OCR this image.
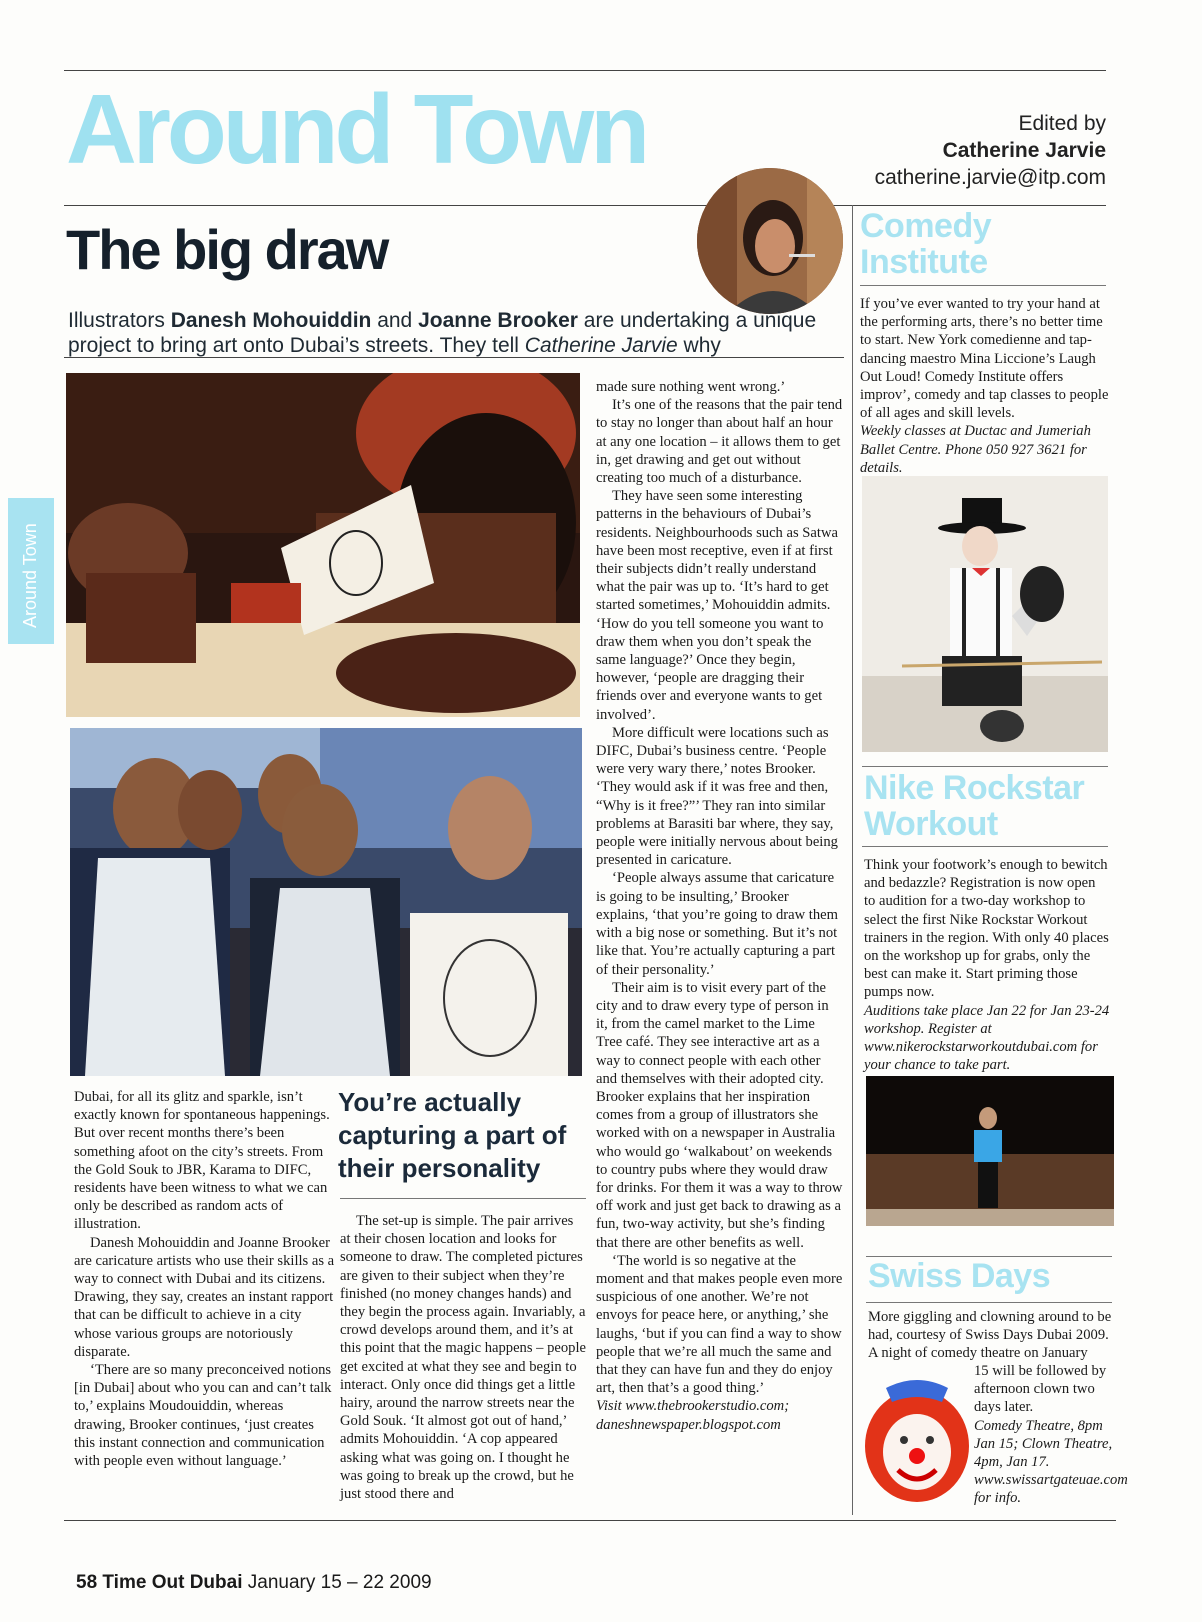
Around Town
Around Town	Edited by
Catherine Jarvie
catherine.jarvie@itp.com
The big draw
Illustrators Danesh Mohouiddin and Joanne Brooker are undertaking a unique project to bring art onto Dubai’s streets. They tell Catherine Jarvie why

Dubai, for all its glitz and sparkle, isn’t exactly known for spontaneous happenings. But over recent months there’s been something afoot on the city’s streets. From the Gold Souk to JBR, Karama to DIFC, residents have been witness to what we can only be described as random acts of illustration.

Danesh Mohouiddin and Joanne Brooker are caricature artists who use their skills as a way to connect with Dubai and its citizens. Drawing, they say, creates an instant rapport that can be difficult to achieve in a city whose various groups are notoriously disparate.

‘There are so many preconceived notions [in Dubai] about who you can and can’t talk to,’ explains Moudouiddin, whereas drawing, Brooker continues, ‘just creates this instant connection and communication with people even without language.’

You’re actually capturing a part of their personality

The set-up is simple. The pair arrives at their chosen location and looks for someone to draw. The completed pictures are given to their subject when they’re finished (no money changes hands) and they begin the process again. Invariably, a crowd develops around them, and it’s at this point that the magic happens – people get excited at what they see and begin to interact. Only once did things get a little hairy, around the narrow streets near the Gold Souk. ‘It almost got out of hand,’ admits Mohouiddin. ‘A cop appeared asking what was going on. I thought he was going to break up the crowd, but he just stood there and

made sure nothing went wrong.’

It’s one of the reasons that the pair tend to stay no longer than about half an hour at any one location – it allows them to get in, get drawing and get out without creating too much of a disturbance.

They have seen some interesting patterns in the behaviours of Dubai’s residents. Neighbourhoods such as Satwa have been most receptive, even if at first their subjects didn’t really understand what the pair was up to. ‘It’s hard to get started sometimes,’ Mohouiddin admits. ‘How do you tell someone you want to draw them when you don’t speak the same language?’ Once they begin, however, ‘people are dragging their friends over and everyone wants to get involved’.

More difficult were locations such as DIFC, Dubai’s business centre. ‘People were very wary there,’ notes Brooker. ‘They would ask if it was free and then, “Why is it free?”’ They ran into similar problems at Barasiti bar where, they say, people were initially nervous about being presented in caricature.

‘People always assume that caricature is going to be insulting,’ Brooker explains, ‘that you’re going to draw them with a big nose or something. But it’s not like that. You’re actually capturing a part of their personality.’

Their aim is to visit every part of the city and to draw every type of person in it, from the camel market to the Lime Tree café. They see interactive art as a way to connect people with each other and themselves with their adopted city. Brooker explains that her inspiration comes from a group of illustrators she worked with on a newspaper in Australia who would go ‘walkabout’ on weekends to country pubs where they would draw for drinks. For them it was a way to throw off work and just get back to drawing as a fun, two-way activity, but she’s finding that there are other benefits as well.

‘The world is so negative at the moment and that makes people even more suspicious of one another. We’re not envoys for peace here, or anything,’ she laughs, ‘but if you can find a way to show people that we’re all much the same and that they can have fun and they do enjoy art, then that’s a good thing.’

Visit www.thebrookerstudio.com; daneshnewspaper.blogspot.com

Comedy
Institute
If you’ve ever wanted to try your hand at the performing arts, there’s no better time to start. New York comedienne and tap-dancing maestro Mina Liccione’s Laugh Out Loud! Comedy Institute offers improv’, comedy and tap classes to people of all ages and skill levels.
Weekly classes at Ductac and Jumeriah Ballet Centre. Phone 050 927 3621 for details.
Nike Rockstar
Workout
Think your footwork’s enough to bewitch and bedazzle? Registration is now open to audition for a two-day workshop to select the first Nike Rockstar Workout trainers in the region. With only 40 places on the workshop up for grabs, only the best can make it. Start priming those pumps now.
Auditions take place Jan 22 for Jan 23-24 workshop. Register at www.nikerockstarworkoutdubai.com for your chance to take part.
Swiss Days
More giggling and clowning around to be had, courtesy of Swiss Days Dubai 2009. A night of comedy theatre on January
15 will be followed by afternoon clown two days later.
Comedy Theatre, 8pm Jan 15; Clown Theatre, 4pm, Jan 17. www.swissartgateuae.com for info.
58 Time Out Dubai January 15 – 22 2009
